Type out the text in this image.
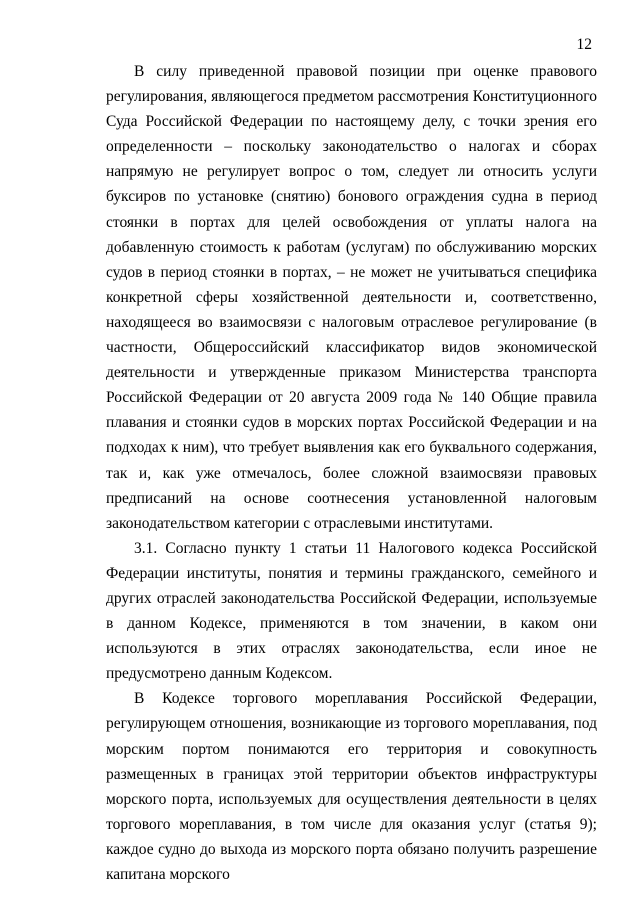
12

В силу приведенной правовой позиции при оценке правового регулирования, являющегося предметом рассмотрения Конституционного Суда Российской Федерации по настоящему делу, с точки зрения его определенности – поскольку законодательство о налогах и сборах напрямую не регулирует вопрос о том, следует ли относить услуги буксиров по установке (снятию) бонового ограждения судна в период стоянки в портах для целей освобождения от уплаты налога на добавленную стоимость к работам (услугам) по обслуживанию морских судов в период стоянки в портах, – не может не учитываться специфика конкретной сферы хозяйственной деятельности и, соответственно, находящееся во взаимосвязи с налоговым отраслевое регулирование (в частности, Общероссийский классификатор видов экономической деятельности и утвержденные приказом Министерства транспорта Российской Федерации от 20 августа 2009 года № 140 Общие правила плавания и стоянки судов в морских портах Российской Федерации и на подходах к ним), что требует выявления как его буквального содержания, так и, как уже отмечалось, более сложной взаимосвязи правовых предписаний на основе соотнесения установленной налоговым законодательством категории с отраслевыми институтами.

3.1. Согласно пункту 1 статьи 11 Налогового кодекса Российской Федерации институты, понятия и термины гражданского, семейного и других отраслей законодательства Российской Федерации, используемые в данном Кодексе, применяются в том значении, в каком они используются в этих отраслях законодательства, если иное не предусмотрено данным Кодексом.

В Кодексе торгового мореплавания Российской Федерации, регулирующем отношения, возникающие из торгового мореплавания, под морским портом понимаются его территория и совокупность размещенных в границах этой территории объектов инфраструктуры морского порта, используемых для осуществления деятельности в целях торгового мореплавания, в том числе для оказания услуг (статья 9); каждое судно до выхода из морского порта обязано получить разрешение капитана морского
